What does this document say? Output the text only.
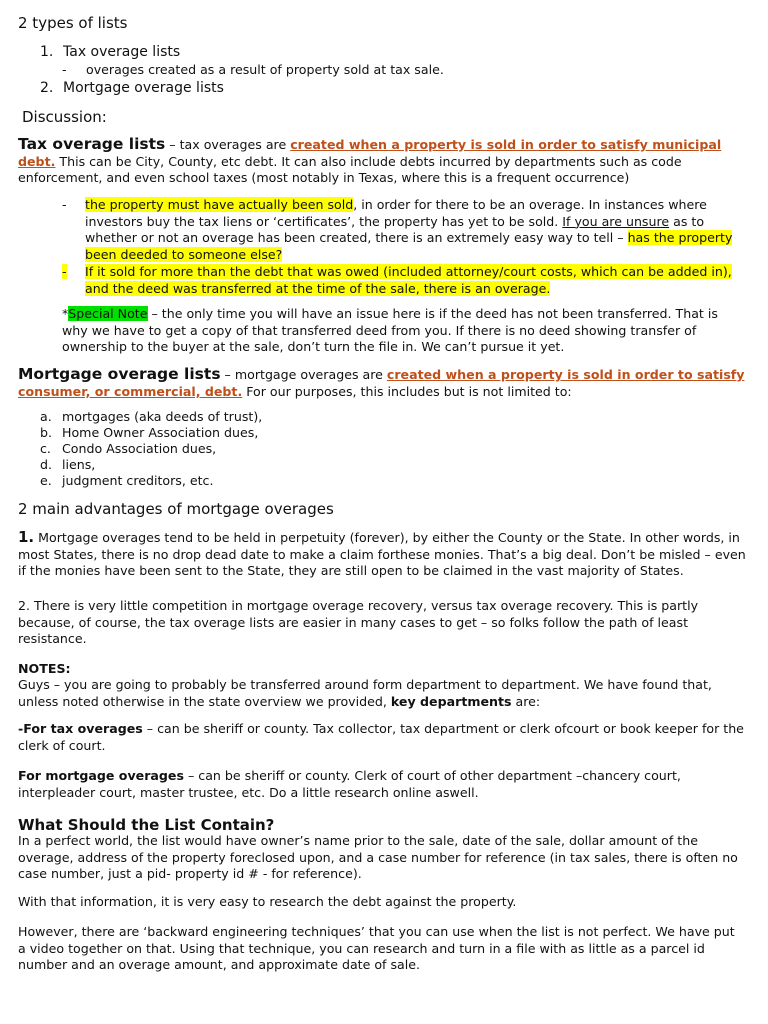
2 types of lists
1. Tax overage lists
- overages created as a result of property sold at tax sale.
2. Mortgage overage lists
Discussion:
Tax overage lists – tax overages are created when a property is sold in order to satisfy municipal debt. This can be City, County, etc debt. It can also include debts incurred by departments such as code enforcement, and even school taxes (most notably in Texas, where this is a frequent occurrence)
- the property must have actually been sold, in order for there to be an overage. In instances where investors buy the tax liens or ‘certificates’, the property has yet to be sold. If you are unsure as to whether or not an overage has been created, there is an extremely easy way to tell – has the property been deeded to someone else?
- If it sold for more than the debt that was owed (included attorney/court costs, which can be added in), and the deed was transferred at the time of the sale, there is an overage.
*Special Note – the only time you will have an issue here is if the deed has not been transferred. That is why we have to get a copy of that transferred deed from you. If there is no deed showing transfer of ownership to the buyer at the sale, don’t turn the file in. We can’t pursue it yet.
Mortgage overage lists – mortgage overages are created when a property is sold in order to satisfy consumer, or commercial, debt. For our purposes, this includes but is not limited to:
a. mortgages (aka deeds of trust),
b. Home Owner Association dues,
c. Condo Association dues,
d. liens,
e. judgment creditors, etc.
2 main advantages of mortgage overages
1. Mortgage overages tend to be held in perpetuity (forever), by either the County or the State. In other words, in most States, there is no drop dead date to make a claim forthese monies. That’s a big deal. Don’t be misled – even if the monies have been sent to the State, they are still open to be claimed in the vast majority of States.
2. There is very little competition in mortgage overage recovery, versus tax overage recovery. This is partly because, of course, the tax overage lists are easier in many cases to get – so folks follow the path of least resistance.
NOTES:
Guys – you are going to probably be transferred around form department to department. We have found that, unless noted otherwise in the state overview we provided, key departments are:
-For tax overages – can be sheriff or county. Tax collector, tax department or clerk ofcourt or book keeper for the clerk of court.
For mortgage overages – can be sheriff or county. Clerk of court of other department –chancery court, interpleader court, master trustee, etc. Do a little research online aswell.
What Should the List Contain?
In a perfect world, the list would have owner’s name prior to the sale, date of the sale, dollar amount of the overage, address of the property foreclosed upon, and a case number for reference (in tax sales, there is often no case number, just a pid- property id # - for reference).
With that information, it is very easy to research the debt against the property.
However, there are ‘backward engineering techniques’ that you can use when the list is not perfect. We have put a video together on that. Using that technique, you can research and turn in a file with as little as a parcel id number and an overage amount, and approximate date of sale.
